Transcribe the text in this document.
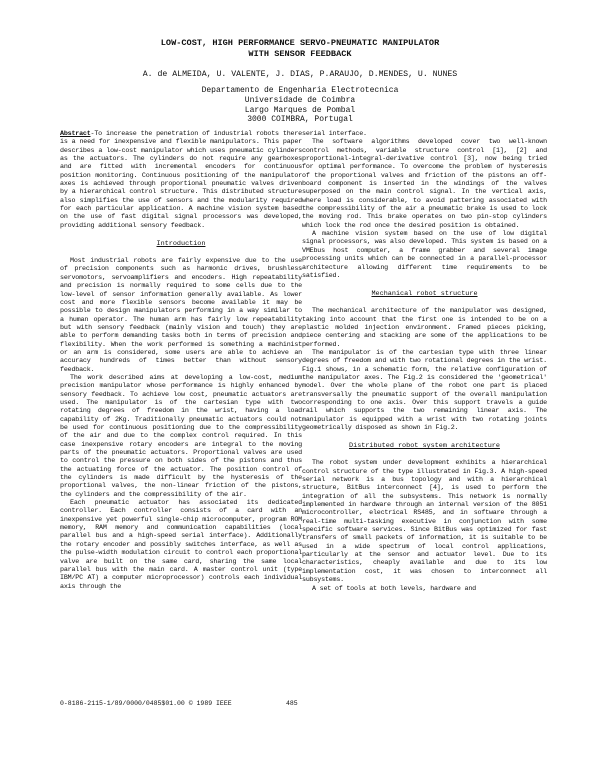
LOW-COST, HIGH PERFORMANCE SERVO-PNEUMATIC MANIPULATOR
WITH SENSOR FEEDBACK
A. de ALMEIDA, U. VALENTE, J. DIAS, P.ARAUJO, D.MENDES, U. NUNES
Departamento de Engenharia Electrotecnica
Universidade de Coimbra
Largo Marques de Pombal
3000 COIMBRA, Portugal

Abstract-To increase the penetration of industrial robots there is a need for inexpensive and flexible manipulators. This paper describes a low-cost manipulator which uses pneumatic cylinders as the actuators. The cylinders do not require any gearboxes and are fitted with incremental encoders for continuous position monitoring. Continuous positioning of the manipulator axes is achieved through proportional pneumatic valves driven by a hierarchical control structure. This distributed structure also simplifies the use of sensors and the modularity required for each particular application. A machine vision system based on the use of fast digital signal processors was developed, providing additional sensory feedback.

Introduction

Most industrial robots are fairly expensive due to the use of precision components such as harmonic drives, brushless servomotors, servoamplifiers and encoders. High repeatability and precision is normally required to some cells due to the low-level of sensor information generally available. As lower cost and more flexible sensors become available it may be possible to design manipulators performing in a way similar to a human operator. The human arm has fairly low repeatability but with sensory feedback (mainly vision and touch) they are able to perform demanding tasks both in terms of precision and flexibility. When the work performed is something a machinist or an arm is considered, some users are able to achieve an accuracy hundreds of times better than without sensory feedback.

The work described aims at developing a low-cost, medium precision manipulator whose performance is highly enhanced by sensory feedback. To achieve low cost, pneumatic actuators are used. The manipulator is of the cartesian type with two rotating degrees of freedom in the wrist, having a load capability of 2Kg. Traditionally pneumatic actuators could not be used for continuous positioning due to the compressibility of the air and due to the complex control required. In this case inexpensive rotary encoders are integral to the moving parts of the pneumatic actuators. Proportional valves are used to control the pressure on both sides of the pistons and thus the actuating force of the actuator. The position control of the cylinders is made difficult by the hysteresis of the proportional valves, the non-linear friction of the pistons, the cylinders and the compressibility of the air.

Each pneumatic actuator has associated its dedicated controller. Each controller consists of a card with an inexpensive yet powerful single-chip microcomputer, program ROM memory, RAM memory and communication capabilities (local parallel bus and a high-speed serial interface). Additionally the rotary encoder and possibly switches interface, as well as the pulse-width modulation circuit to control each proportional valve are built on the same card, sharing the same local parallel bus with the main card. A master control unit (type IBM/PC AT) a computer microprocessor) controls each individual axis through the

serial interface.

The software algorithms developed cover two well-known control methods, variable structure control [1], [2] and proportional-integral-derivative control [3], now being tried for optimal performance. To overcome the problem of hysteresis of the proportional valves and friction of the pistons an off-board component is inserted in the windings of the valves superposed on the main control signal. In the vertical axis, where load is considerable, to avoid pattering associated with the compressibility of the air a pneumatic brake is used to lock the moving rod. This brake operates on two pin-stop cylinders which lock the rod once the desired position is obtained.

A machine vision system based on the use of low digital signal processors, was also developed. This system is based on a VMEbus host computer, a frame grabber and several image processing units which can be connected in a parallel-processor architecture allowing different time requirements to be satisfied.

Mechanical robot structure

The mechanical architecture of the manipulator was designed, taking into account that the first one is intended to be on a plastic molded injection environment. Framed pieces picking, piece centering and stacking are some of the applications to be performed.

The manipulator is of the cartesian type with three linear degrees of freedom and with two rotational degrees in the wrist. Fig.1 shows, in a schematic form, the relative configuration of the manipulator axes. The Fig.2 is considered the 'geometrical' model. Over the whole plane of the robot one part is placed transversally the pneumatic support of the overall manipulation corresponding to one axis. Over this support travels a guide rail which supports the two remaining linear axis. The manipulator is equipped with a wrist with two rotating joints geometrically disposed as shown in Fig.2.

Distributed robot system architecture

The robot system under development exhibits a hierarchical control structure of the type illustrated in Fig.3. A high-speed serial network is a bus topology and with a hierarchical structure, BitBus interconnect [4], is used to perform the integration of all the subsystems. This network is normally implemented in hardware through an internal version of the 8051 microcontroller, electrical RS485, and in software through a real-time multi-tasking executive in conjunction with some specific software services. Since BitBus was optimized for fast transfers of small packets of information, it is suitable to be used in a wide spectrum of local control applications, particularly at the sensor and actuator level. Due to its characteristics, cheaply available and due to its low implementation cost, it was chosen to interconnect all subsystems.

A set of tools at both levels, hardware and

0-8186-2115-1/89/0000/0485$01.00 © 1989 IEEE	485
